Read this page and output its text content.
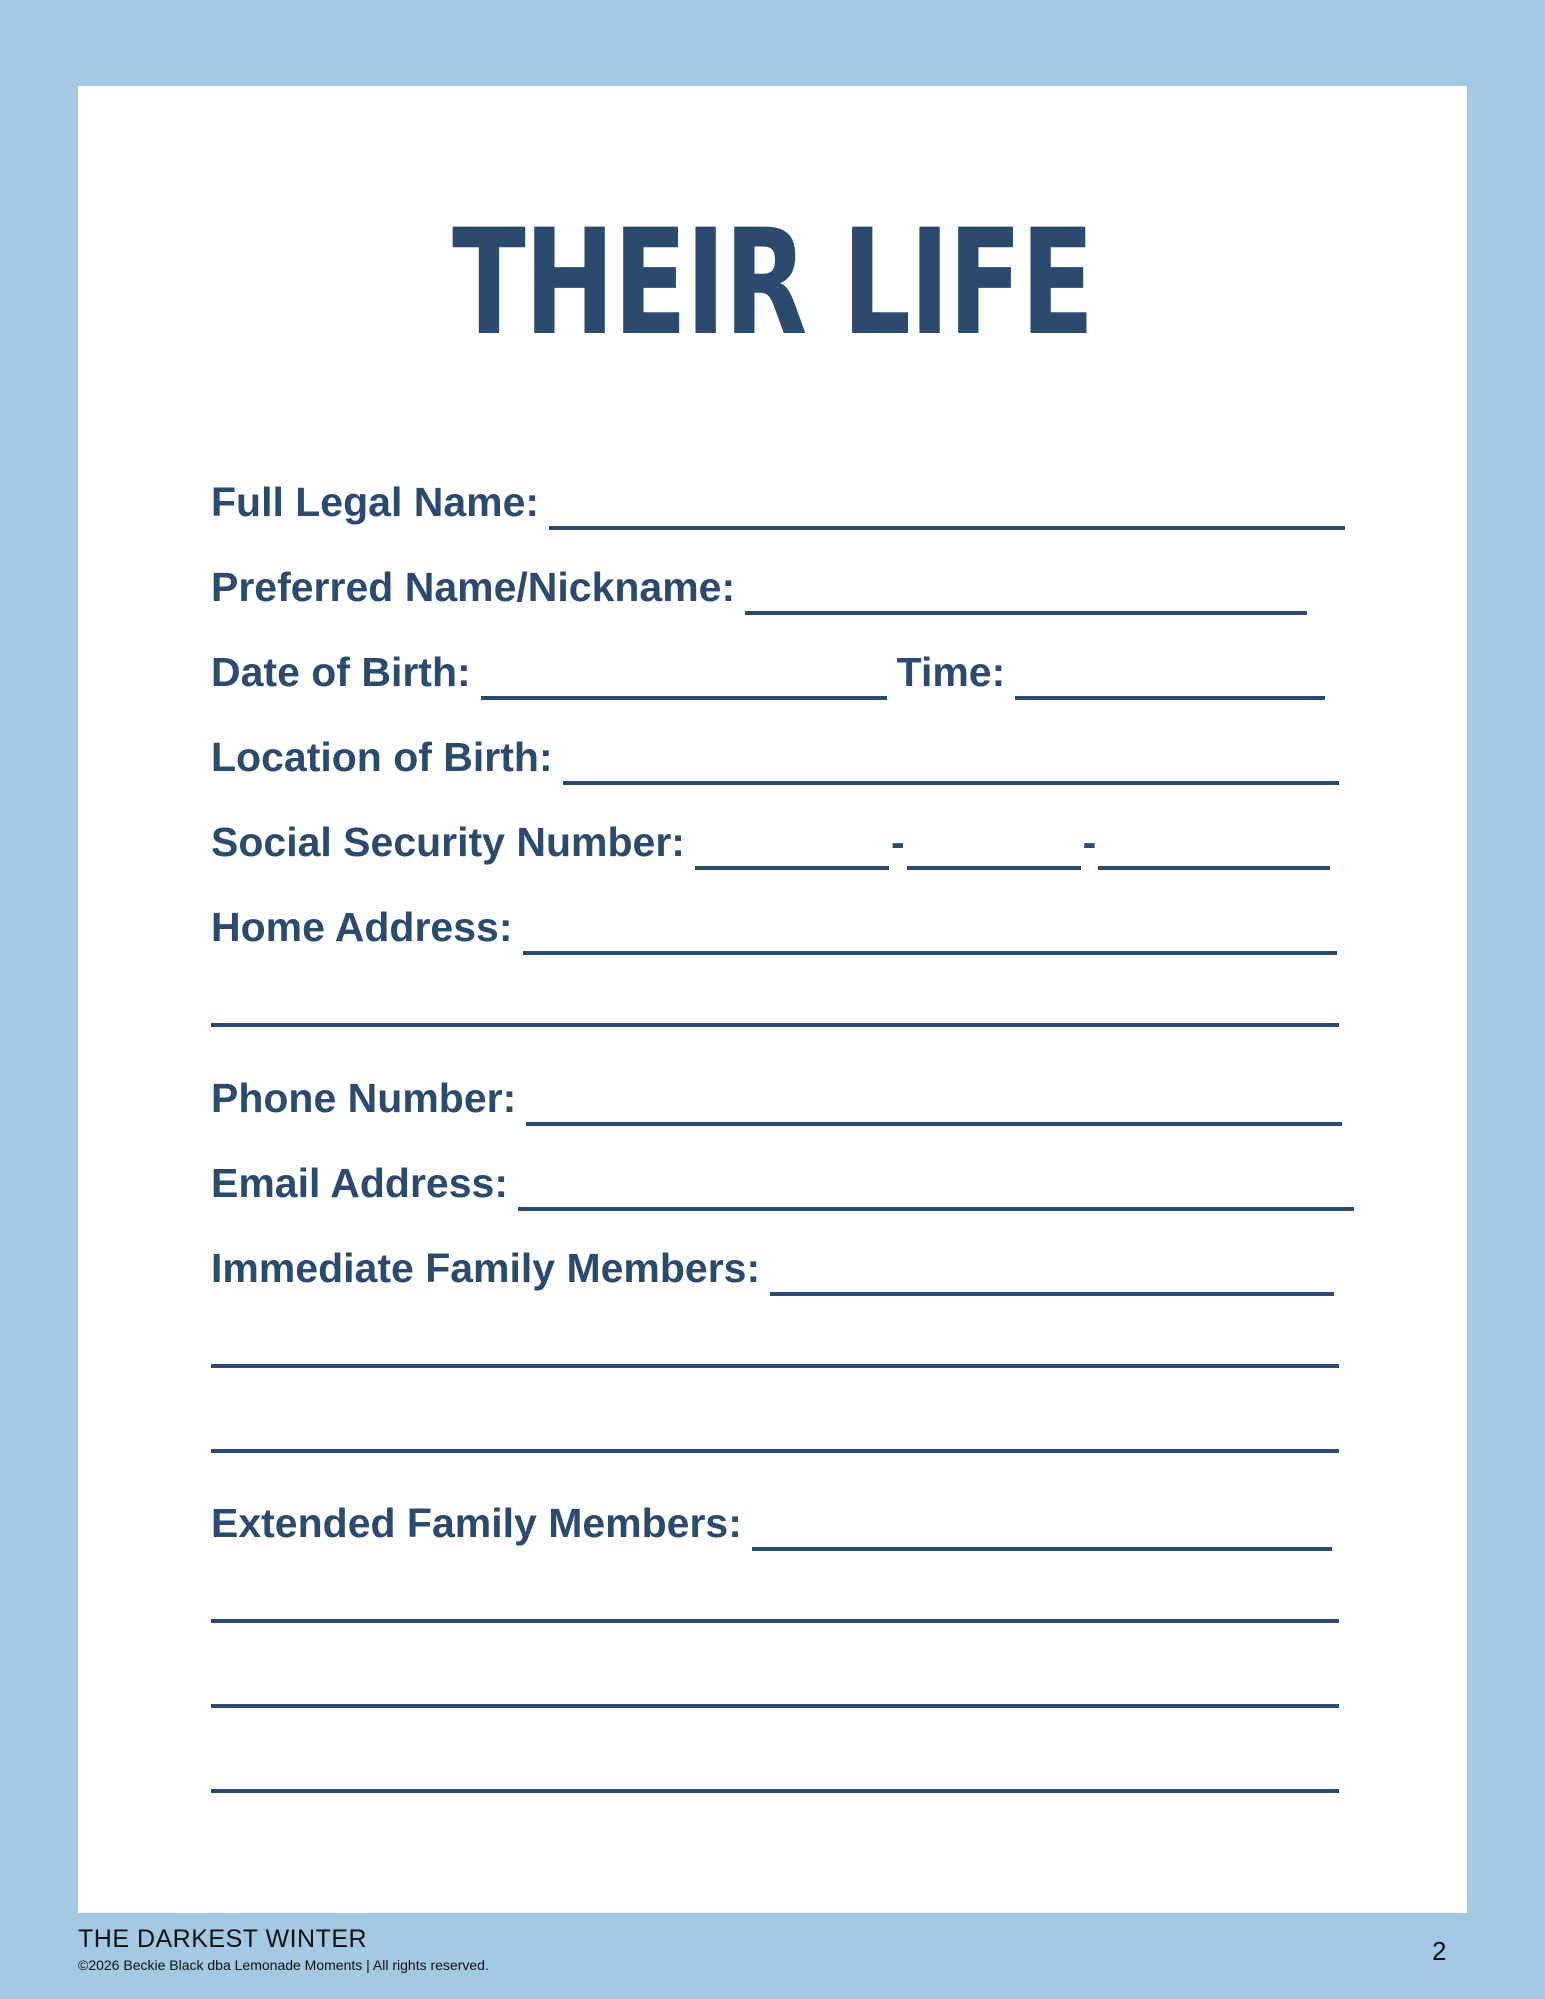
THEIR LIFE
Full Legal Name:
Preferred Name/Nickname:
Date of Birth:	Time:
Location of Birth:
Social Security Number:	-	-
Home Address:
Phone Number:
Email Address:
Immediate Family Members:
Extended Family Members:
THE DARKEST WINTER
©2026 Beckie Black dba Lemonade Moments | All rights reserved.	2
